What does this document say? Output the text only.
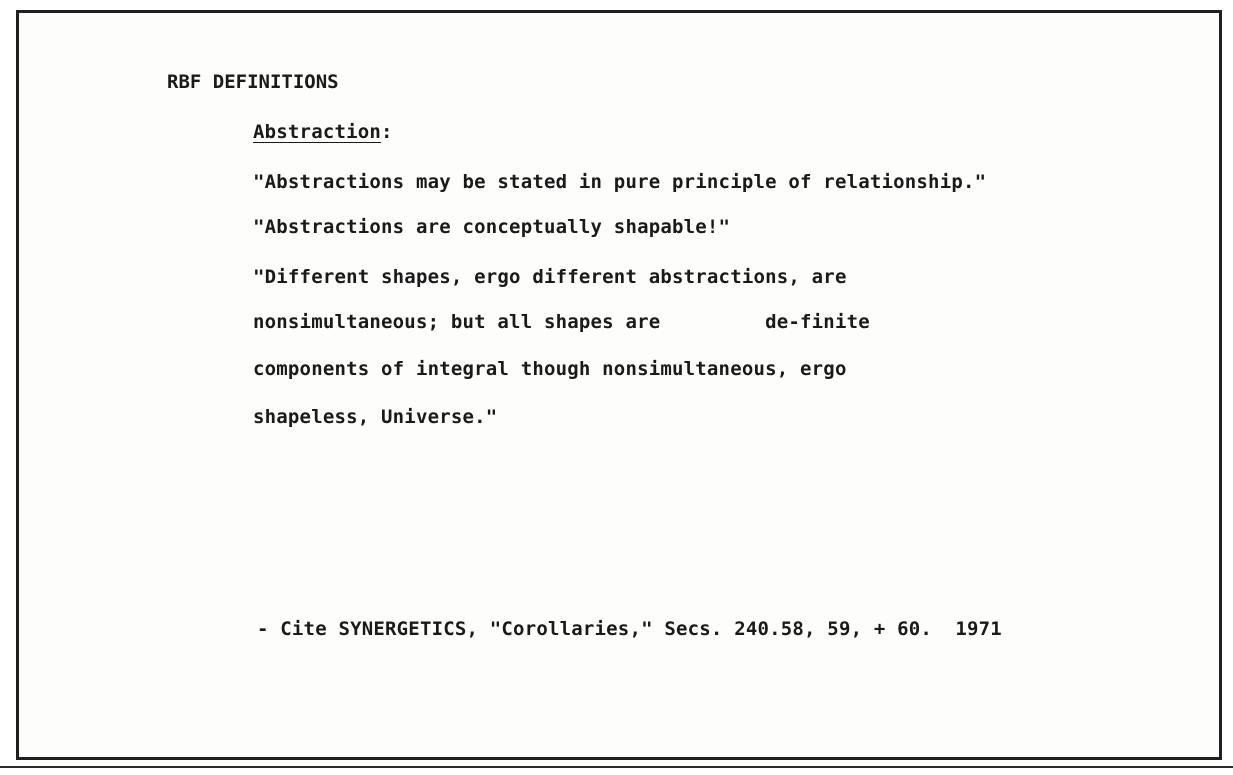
RBF DEFINITIONS
Abstraction:
"Abstractions may be stated in pure principle of relationship."
"Abstractions are conceptually shapable!"
"Different shapes, ergo different abstractions, are
nonsimultaneous; but all shapes are         de-finite
components of integral though nonsimultaneous, ergo
shapeless, Universe."
- Cite SYNERGETICS, "Corollaries," Secs. 240.58, 59, + 60.  1971
